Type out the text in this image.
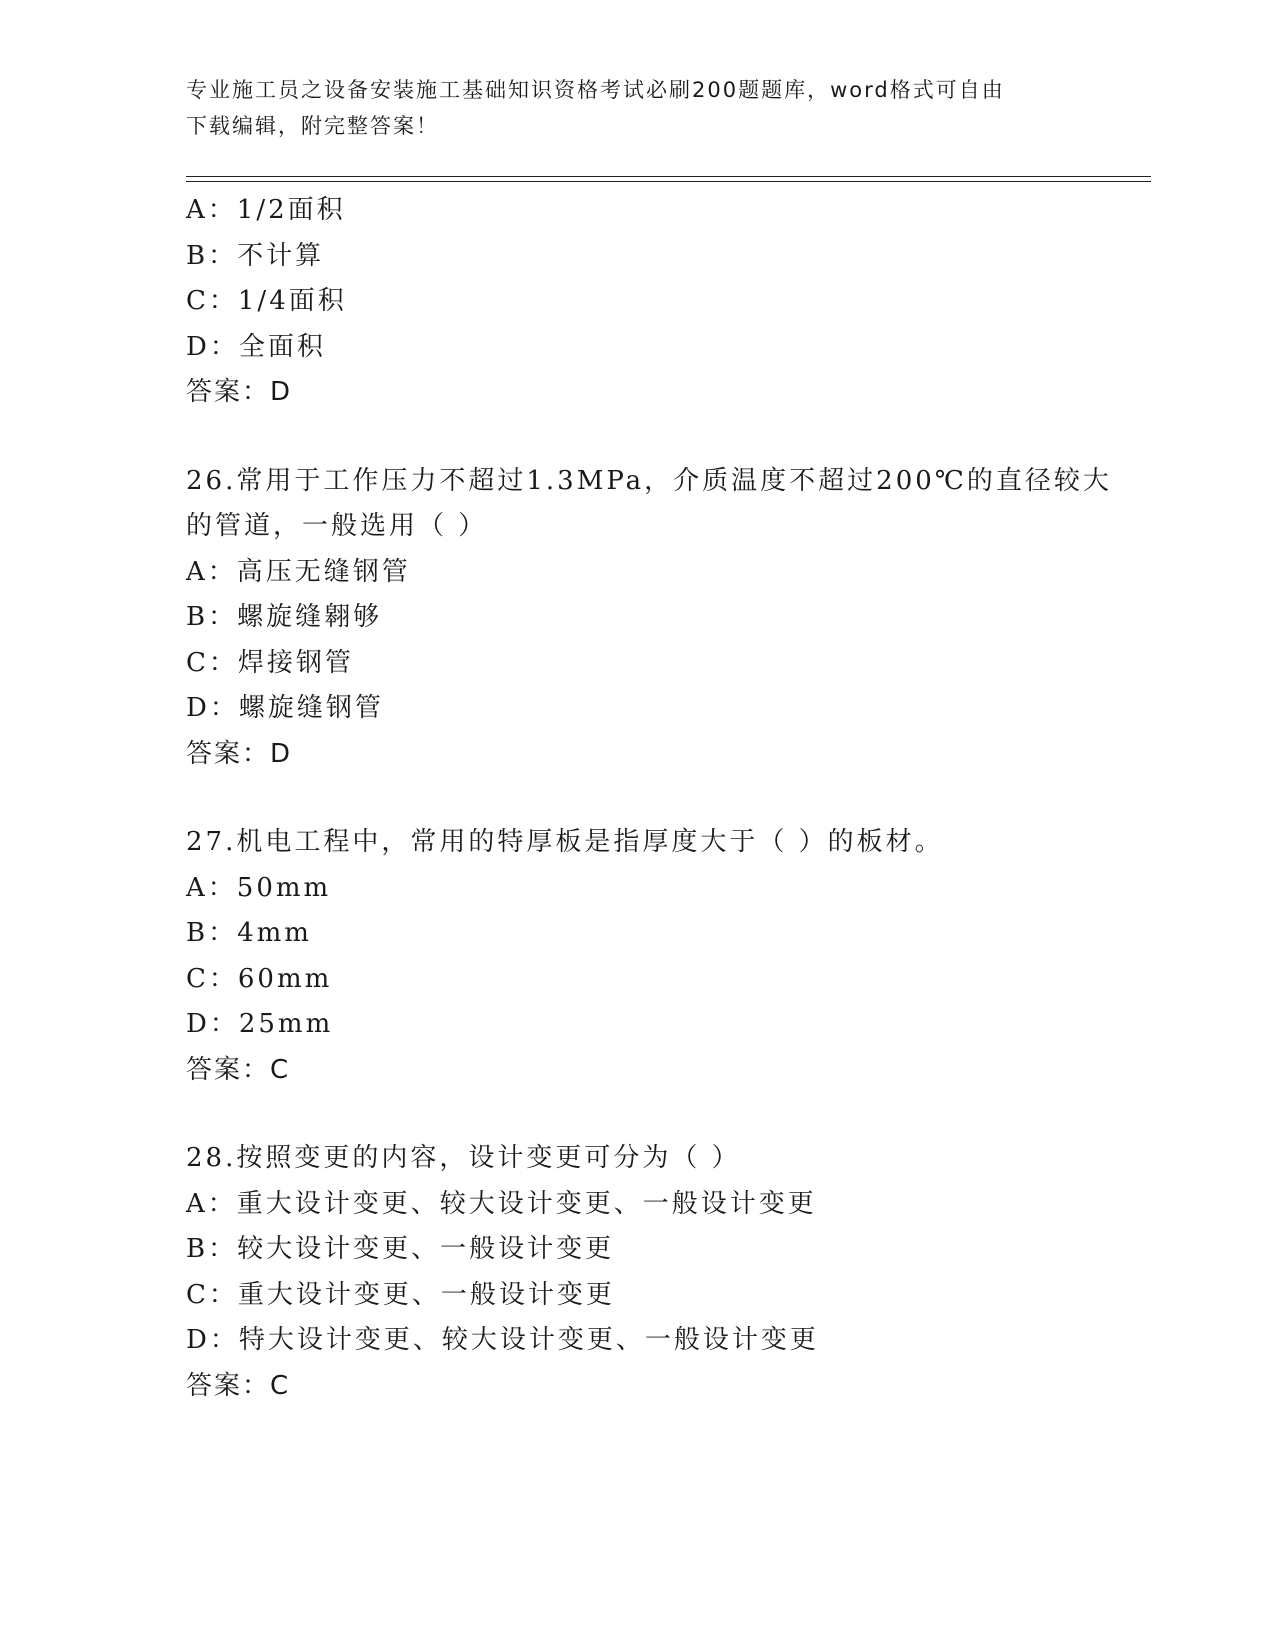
专业施工员之设备安装施工基础知识资格考试必刷200题题库，word格式可自由
下载编辑，附完整答案！
A：1/2面积
B：不计算
C：1/4面积
D：全面积
答案：D
26.常用于工作压力不超过1.3MPa，介质温度不超过200℃的直径较大
的管道，一般选用（ ）
A：高压无缝钢管
B：螺旋缝翱够
C：焊接钢管
D：螺旋缝钢管
答案：D
27.机电工程中，常用的特厚板是指厚度大于（ ）的板材。
A：50mm
B：4mm
C：60mm
D：25mm
答案：C
28.按照变更的内容，设计变更可分为（ ）
A：重大设计变更、较大设计变更、一般设计变更
B：较大设计变更、一般设计变更
C：重大设计变更、一般设计变更
D：特大设计变更、较大设计变更、一般设计变更
答案：C
